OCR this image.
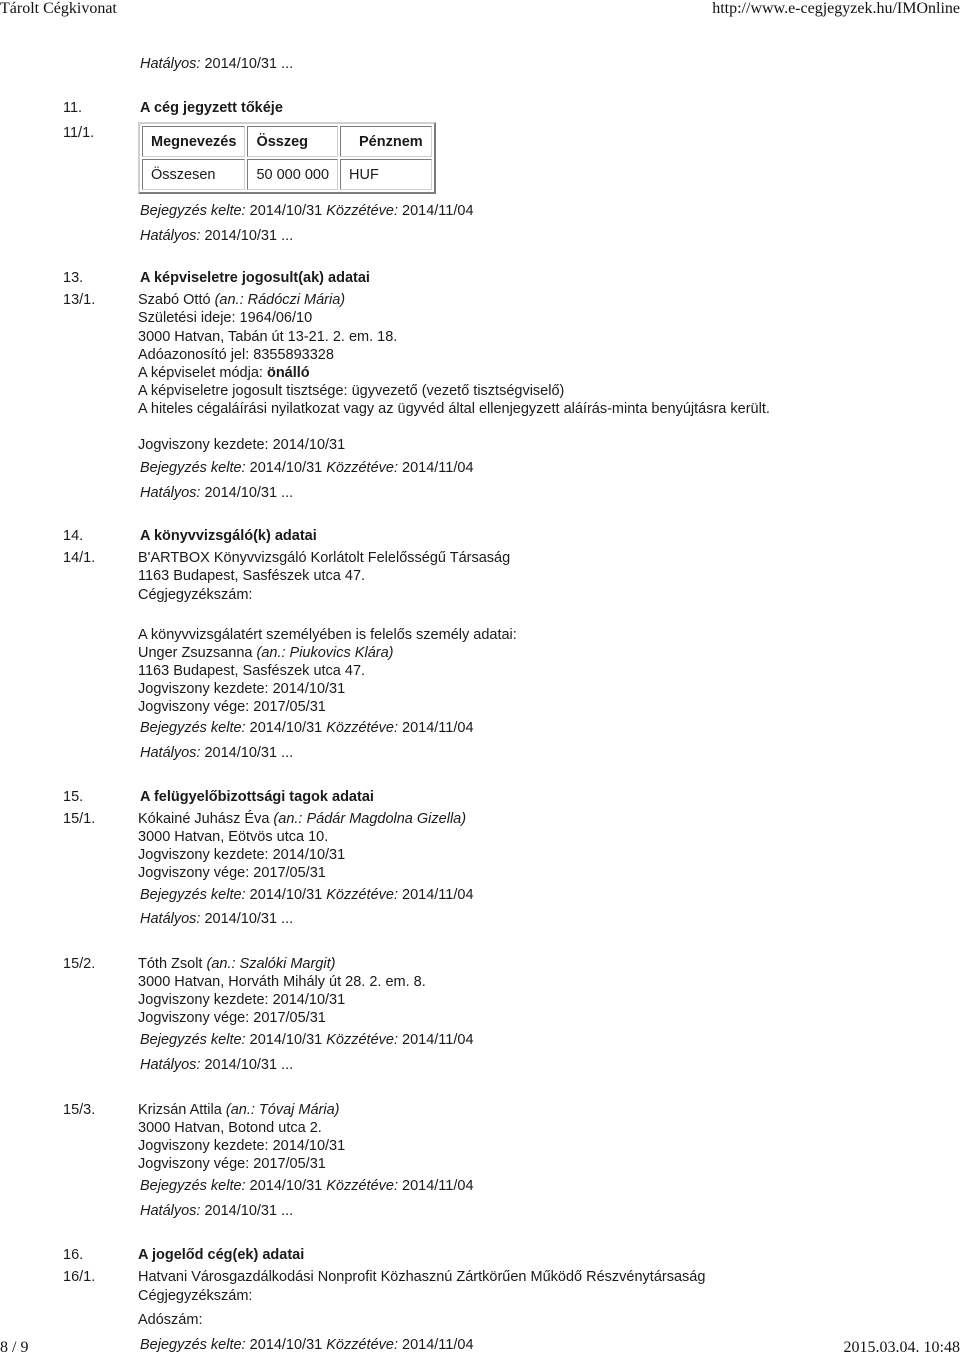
Tárolt Cégkivonat	http://www.e-cegjegyzek.hu/IMOnline
Hatályos: 2014/10/31 ...
11.	A cég jegyzett tőkéje
11/1.
Megnevezés	Összeg	Pénznem
Összesen	50 000 000	HUF
Bejegyzés kelte: 2014/10/31 Közzétéve: 2014/11/04
Hatályos: 2014/10/31 ...
13.	A képviseletre jogosult(ak) adatai
13/1.	Szabó Ottó (an.: Rádóczi Mária)
Születési ideje: 1964/06/10
3000 Hatvan, Tabán út 13-21. 2. em. 18.
Adóazonosító jel: 8355893328
A képviselet módja: önálló
A képviseletre jogosult tisztsége: ügyvezető (vezető tisztségviselő)
A hiteles cégaláírási nyilatkozat vagy az ügyvéd által ellenjegyzett aláírás-minta benyújtásra került.
Jogviszony kezdete: 2014/10/31
Bejegyzés kelte: 2014/10/31 Közzétéve: 2014/11/04
Hatályos: 2014/10/31 ...
14.	A könyvvizsgáló(k) adatai
14/1.	B'ARTBOX Könyvvizsgáló Korlátolt Felelősségű Társaság
1163 Budapest, Sasfészek utca 47.
Cégjegyzékszám:
A könyvvizsgálatért személyében is felelős személy adatai:
Unger Zsuzsanna (an.: Piukovics Klára)
1163 Budapest, Sasfészek utca 47.
Jogviszony kezdete: 2014/10/31
Jogviszony vége: 2017/05/31
Bejegyzés kelte: 2014/10/31 Közzétéve: 2014/11/04
Hatályos: 2014/10/31 ...
15.	A felügyelőbizottsági tagok adatai
15/1.	Kókainé Juhász Éva (an.: Pádár Magdolna Gizella)
3000 Hatvan, Eötvös utca 10.
Jogviszony kezdete: 2014/10/31
Jogviszony vége: 2017/05/31
Bejegyzés kelte: 2014/10/31 Közzétéve: 2014/11/04
Hatályos: 2014/10/31 ...
15/2.	Tóth Zsolt (an.: Szalóki Margit)
3000 Hatvan, Horváth Mihály út 28. 2. em. 8.
Jogviszony kezdete: 2014/10/31
Jogviszony vége: 2017/05/31
Bejegyzés kelte: 2014/10/31 Közzétéve: 2014/11/04
Hatályos: 2014/10/31 ...
15/3.	Krizsán Attila (an.: Tóvaj Mária)
3000 Hatvan, Botond utca 2.
Jogviszony kezdete: 2014/10/31
Jogviszony vége: 2017/05/31
Bejegyzés kelte: 2014/10/31 Közzétéve: 2014/11/04
Hatályos: 2014/10/31 ...
16.	A jogelőd cég(ek) adatai
16/1.	Hatvani Városgazdálkodási Nonprofit Közhasznú Zártkörűen Működő Részvénytársaság
Cégjegyzékszám:
Adószám:
Bejegyzés kelte: 2014/10/31 Közzétéve: 2014/11/04
8 / 9	2015.03.04. 10:48
